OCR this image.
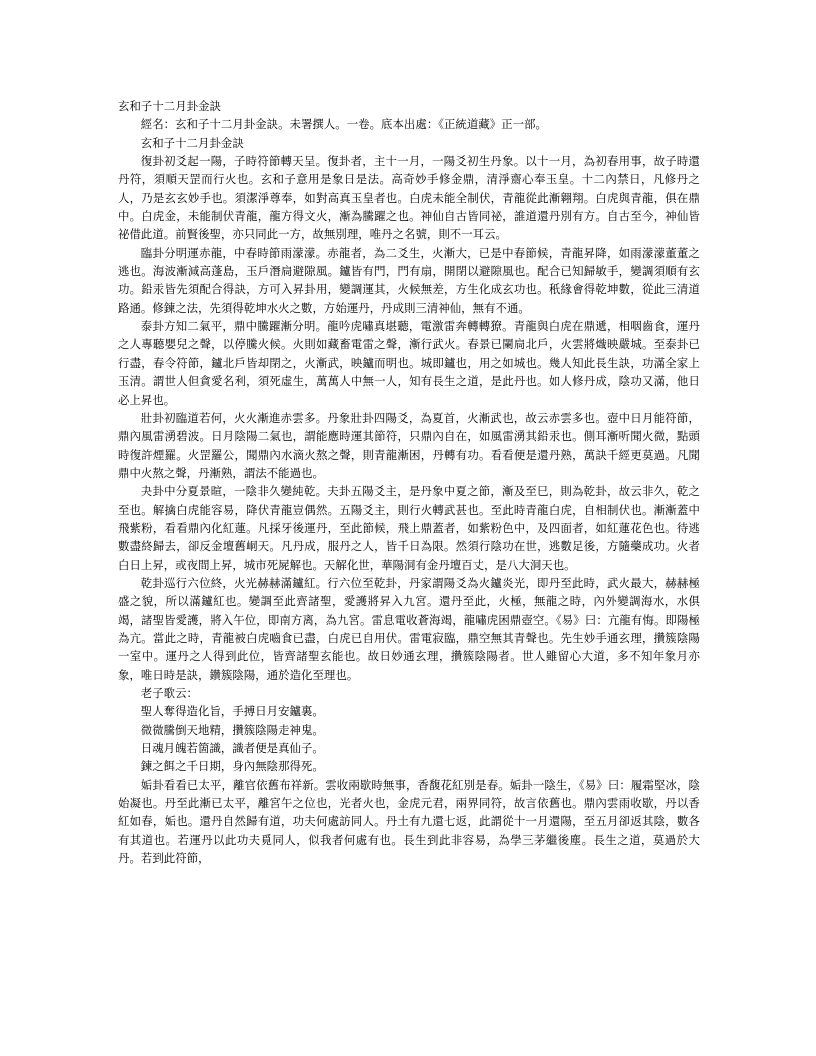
玄和子十二月卦金訣

經名：玄和子十二月卦金訣。未署撰人。一卷。底本出處：《正統道藏》正一部。

玄和子十二月卦金訣

復卦初爻起一陽，子時符節轉天呈。復卦者，主十一月，一陽爻初生丹象。以十一月，為初春用事，故子時還丹符，須順天罡而行火也。玄和子意用是象日是法。高奇妙手修金鼎，清淨齋心奉玉皇。十二內禁日，凡修丹之人，乃是玄玄妙手也。須潔淨尊奉，如對高真玉皇者也。白虎未能全制伏，青龍從此漸翱翔。白虎與青龍，俱在鼎中。白虎金，未能制伏青龍，龍方得文火，漸為騰躍之也。神仙自古皆同祕，誰道還丹別有方。自古至今，神仙皆祕借此道。前賢後聖，亦只同此一方，故無別理，唯丹之名號，則不一耳云。

臨卦分明運赤龍，中春時節雨濛濛。赤龍者，為二爻生，火漸大，已是中春節候，青龍昇降，如雨濛濛董董之逃也。海波漸減高蓬島，玉戶潛扃避隙風。鑪皆有門，門有扇，開閉以避隙風也。配合已知歸敏手，變調須順有玄功。鉛汞皆先須配合得訣，方可入昇卦用，變調運其，火候無差，方生化成玄功也。秖緣會得乾坤數，從此三清道路通。修鍊之法，先須得乾坤水火之數，方始運丹，丹成則三清神仙，無有不通。

泰卦方知二氣平，鼎中騰躍漸分明。龍吟虎嘯真堪聽，電激雷奔轉轉獠。青龍與白虎在鼎遞，相咽齒食，運丹之人專聽嬰兒之聲，以停騰火候。火則如藏畜電雷之聲，漸行武火。春景已闌扃北戶，火雲將熾映嚴城。至泰卦已行盡，春令符節，鑪北戶皆却閉之，火漸武，映鑪而明也。城即鑪也，用之如城也。幾人知此長生訣，功滿全家上玉清。謂世人但貪愛名利，須死虛生，萬萬人中無一人，知有長生之道，是此丹也。如人修丹成，陰功又滿，他日必上昇也。

壯卦初臨道若何，火火漸進赤雲多。丹象壯卦四陽爻，為夏首，火漸武也，故云赤雲多也。壺中日月能符節，鼎內風雷湧碧波。日月陰陽二氣也，謂能應時運其節符，只鼎內自在，如風雷湧其鉛汞也。側耳漸听聞火微，點頭時復許煙羅。火罡羅公，聞鼎內水滴火熬之聲，則青龍漸困，丹轉有功。看看便是還丹熟，萬訣千經更莫過。凡聞鼎中火熬之聲，丹漸熟，謂法不能過也。

夬卦中分夏景暄，一陰非久變純乾。夫卦五陽爻主，是丹象中夏之節，漸及至巳，則為乾卦，故云非久，乾之至也。解擒白虎能容易，降伏青龍豈偶然。五陽爻主，則行火轉武甚也。至此時青龍白虎，自相制伏也。漸漸蓋中飛紫粉，看看鼎內化紅蓮。凡採牙後運丹，至此節候，飛上鼎蓋者，如紫粉色中，及四面者，如紅蓮花色也。待逃數盡終歸去，卻反金壇舊峒天。凡丹成，服丹之人，皆千日為限。然須行陰功在世，逃數足後，方隨藥成功。火者白日上昇，或夜間上昇，城市死屍解也。天解化世，華陽洞有金丹壇百丈，是八大洞天也。

乾卦巡行六位終，火光赫赫滿鑪紅。行六位至乾卦，丹家謂陽爻為火鑪炎光，即丹至此時，武火最大，赫赫極盛之貌，所以滿鑪紅也。變調至此齊諸聖，愛護將昇入九宮。還丹至此，火極，無龍之時，內外變調海水，水俱竭，諸聖皆愛護，將入午位，即南方离，為九宮。雷息電收蒼海竭，龍嘯虎困鼎壺空。《易》曰：亢龍有悔。即陽極為亢。當此之時，青龍被白虎嚙食已盡，白虎已自用伏。雷電寂臨，鼎空無其青聲也。先生妙手通玄理，攢簇陰陽一室中。運丹之人得到此位，皆齊諸聖玄能也。故日妙通玄理，攢簇陰陽者。世人雖留心大道，多不知年象月亦象，唯日時是訣，鑽簇陰陽，通於造化至理也。

老子歌云：

聖人奪得造化旨，手搏日月安鑪裏。

微微騰倒天地精，攢簇陰陽走神鬼。

日魂月魄若箇識，識者便是真仙子。

鍊之餌之千日期，身內無陰那得死。

姤卦看看已太平，離官依舊布祥新。雲收兩歇時無事，香馥花紅別是春。姤卦一陰生，《易》曰：履霜堅冰，陰始凝也。丹至此漸已太平，離宮午之位也，光者火也，金虎元君，兩界同符，故言依舊也。鼎內雲雨收歇，丹以香紅如春，姤也。還丹自然歸有道，功夫何處訪同人。丹土有九還七返，此謂從十一月還陽，至五月卻返其陰，數各有其道也。若運丹以此功夫覓同人，似我者何處有也。長生到此非容易，為學三茅繼後塵。長生之道，莫過於大丹。若到此符節，
